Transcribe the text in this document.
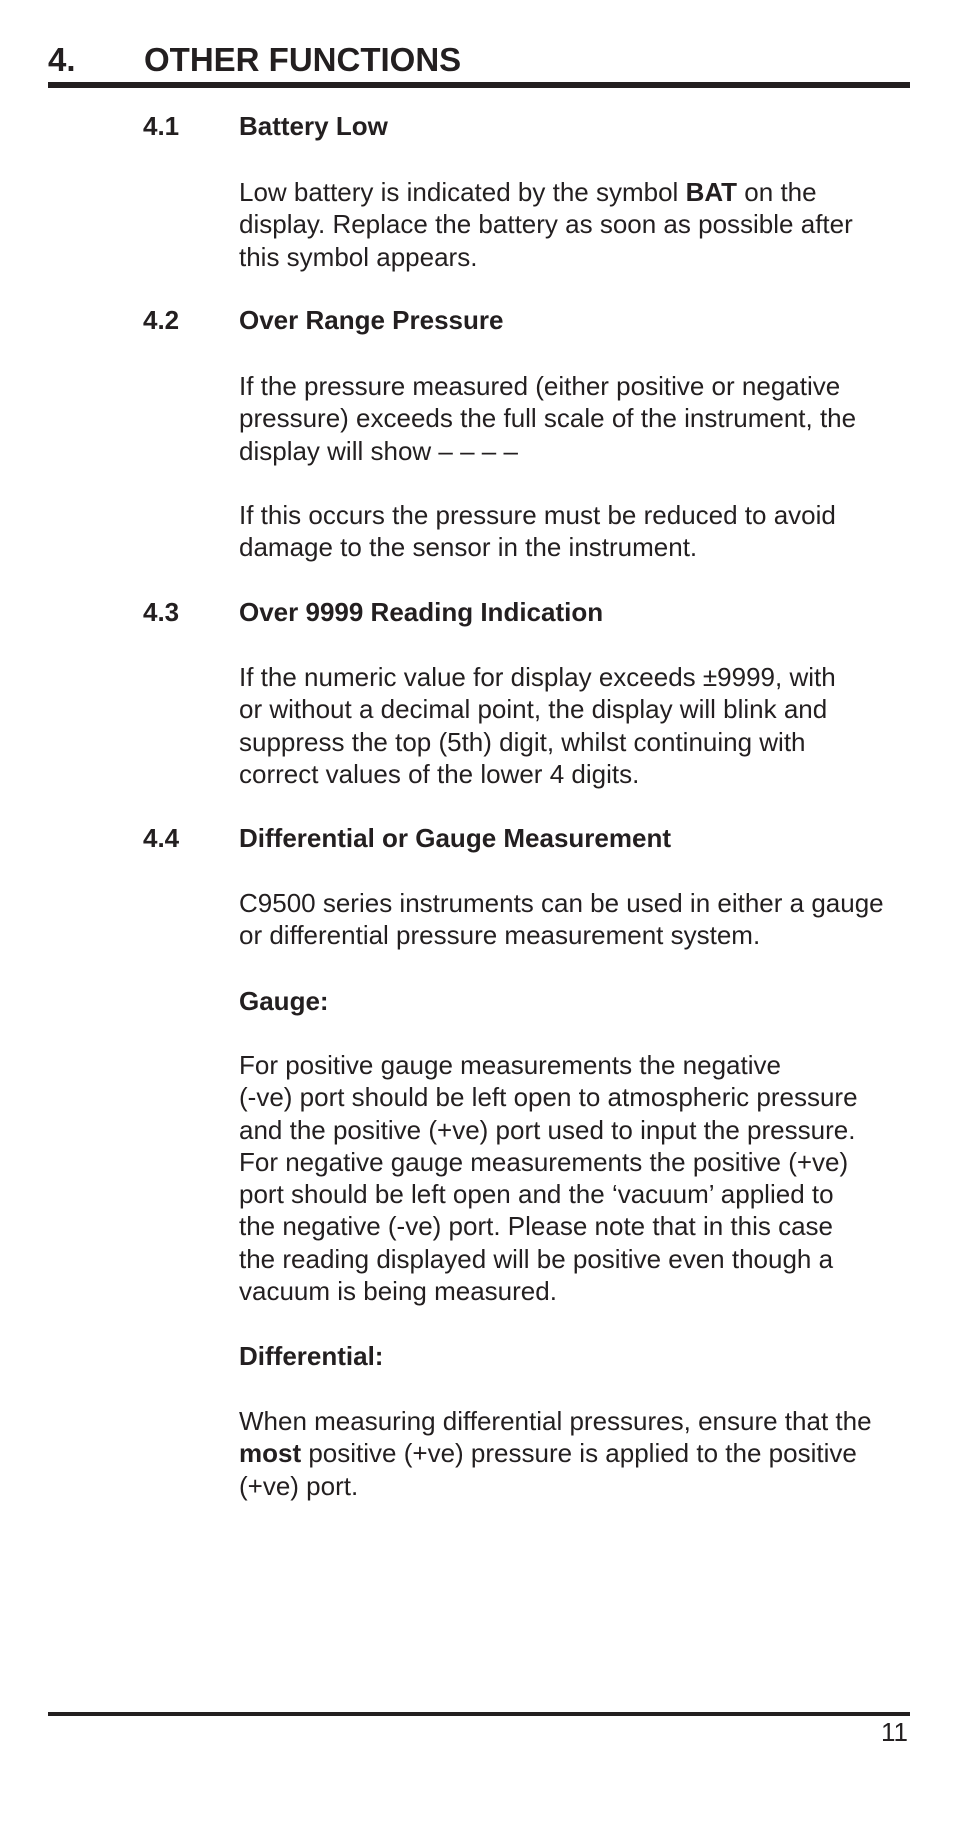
4. OTHER FUNCTIONS
4.1 Battery Low
Low battery is indicated by the symbol BAT on the
display. Replace the battery as soon as possible after
this symbol appears.
4.2 Over Range Pressure
If the pressure measured (either positive or negative
pressure) exceeds the full scale of the instrument, the
display will show – – – –
If this occurs the pressure must be reduced to avoid
damage to the sensor in the instrument.
4.3 Over 9999 Reading Indication
If the numeric value for display exceeds ±9999, with
or without a decimal point, the display will blink and
suppress the top (5th) digit, whilst continuing with
correct values of the lower 4 digits.
4.4 Differential or Gauge Measurement
C9500 series instruments can be used in either a gauge
or differential pressure measurement system.
Gauge:
For positive gauge measurements the negative
(-ve) port should be left open to atmospheric pressure
and the positive (+ve) port used to input the pressure.
For negative gauge measurements the positive (+ve)
port should be left open and the ‘vacuum’ applied to
the negative (-ve) port. Please note that in this case
the reading displayed will be positive even though a
vacuum is being measured.
Differential:
When measuring differential pressures, ensure that the
most positive (+ve) pressure is applied to the positive
(+ve) port.
11
